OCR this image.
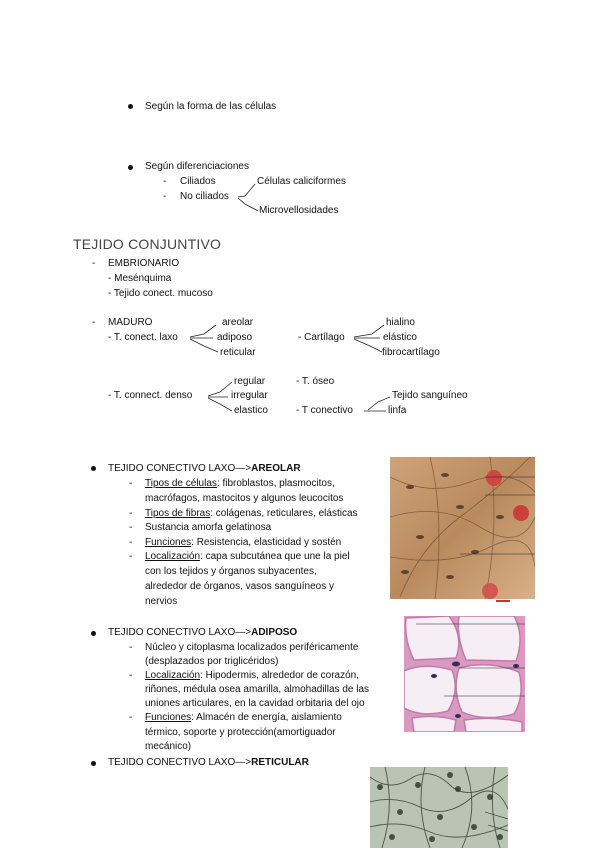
Según la forma de las células
Según diferenciaciones
- Ciliados	Células caliciformes
- No ciliados
Microvellosidades
TEJIDO CONJUNTIVO
- EMBRIONARIO
- Mesénquima
- Tejido conect. mucoso
- MADURO
- T. conect. laxo
areolar
adiposo
reticular
- Cartílago
hialino
elástico
fibrocartílago
- T. connect. denso
regular
irregular
elastico
- T. óseo
- T conectivo
Tejido sanguíneo
linfa
TEJIDO CONECTIVO LAXO—>AREOLAR
- Tipos de células: fibroblastos, plasmocitos,
macrófagos, mastocitos y algunos leucocitos
- Tipos de fibras: colágenas, reticulares, elásticas
- Sustancia amorfa gelatinosa
- Funciones: Resistencia, elasticidad y sostén
- Localización: capa subcutánea que une la piel
con los tejidos y órganos subyacentes,
alrededor de órganos, vasos sanguíneos y
nervios
TEJIDO CONECTIVO LAXO—>ADIPOSO
- Núcleo y citoplasma localizados periféricamente
(desplazados por triglicéridos)
- Localización: Hipodermis, alrededor de corazón,
riñones, médula osea amarilla, almohadillas de las
uniones articulares, en la cavidad orbitaria del ojo
- Funciones: Almacén de energía, aislamiento
térmico, soporte y protección(amortiguador
mecánico)
TEJIDO CONECTIVO LAXO—>RETICULAR
